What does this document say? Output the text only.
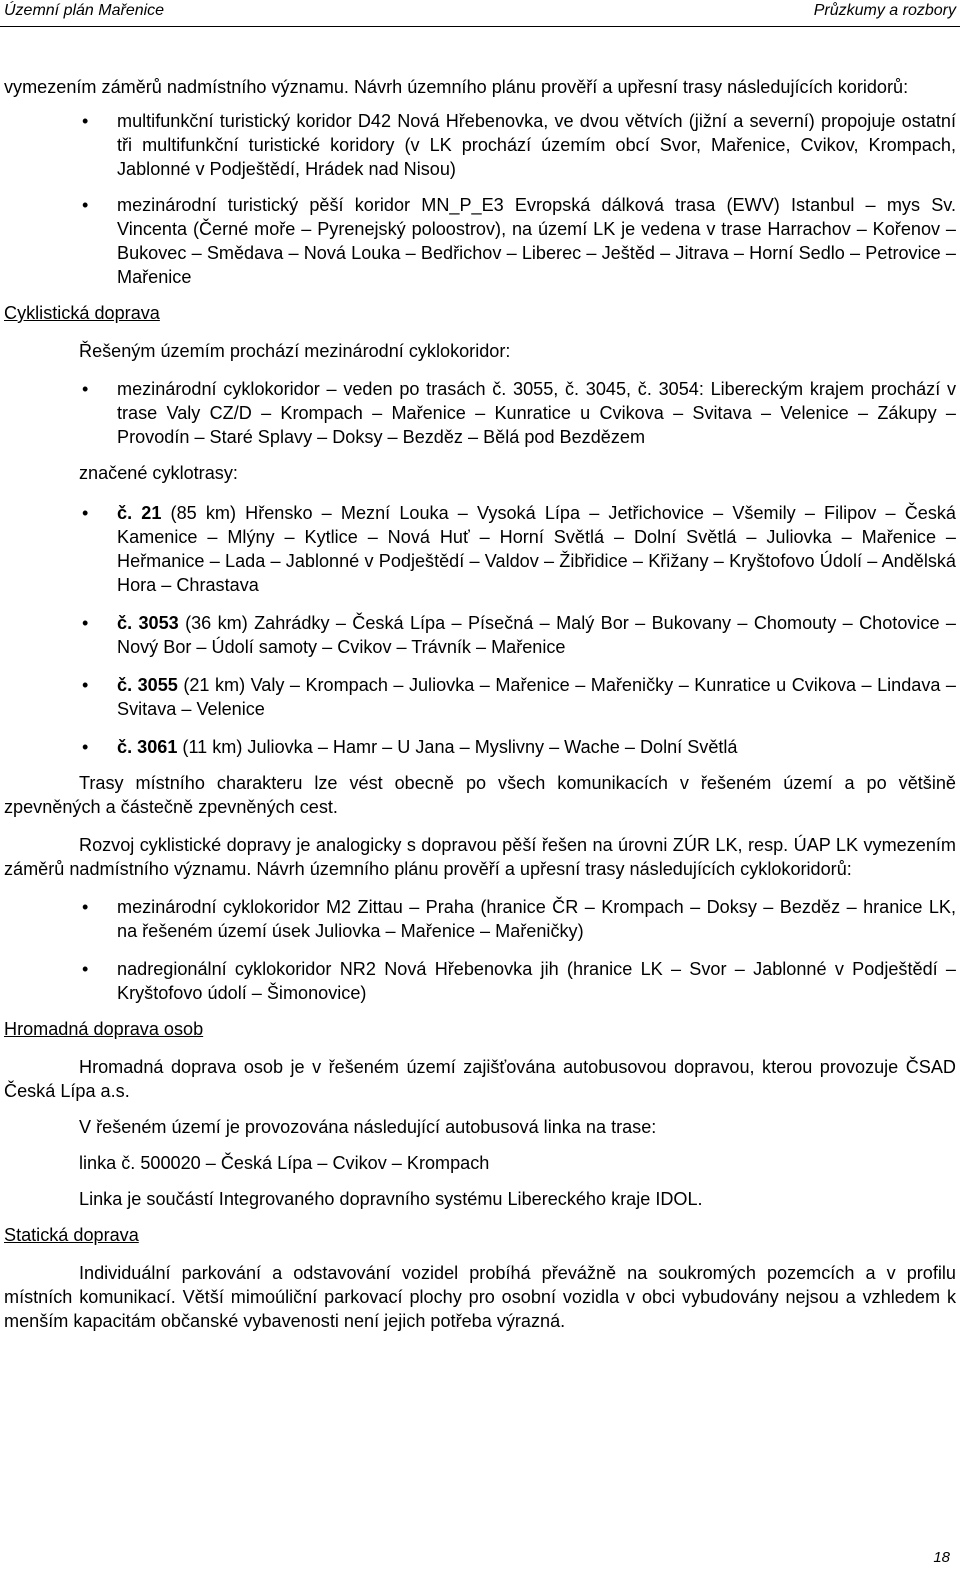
Územní plán Mařenice	Průzkumy a rozbory

vymezením záměrů nadmístního významu. Návrh územního plánu prověří a upřesní trasy následujících koridorů:

• multifunkční turistický koridor D42 Nová Hřebenovka, ve dvou větvích (jižní a severní) propojuje ostatní tři multifunkční turistické koridory (v LK prochází územím obcí Svor, Mařenice, Cvikov, Krompach, Jablonné v Podještědí, Hrádek nad Nisou)
• mezinárodní turistický pěší koridor MN_P_E3 Evropská dálková trasa (EWV) Istanbul – mys Sv. Vincenta (Černé moře – Pyrenejský poloostrov), na území LK je vedena v trase Harrachov – Kořenov – Bukovec – Smědava – Nová Louka – Bedřichov – Liberec – Ještěd – Jitrava – Horní Sedlo – Petrovice – Mařenice

Cyklistická doprava

Řešeným územím prochází mezinárodní cyklokoridor:

• mezinárodní cyklokoridor – veden po trasách č. 3055, č. 3045, č. 3054: Libereckým krajem prochází v trase Valy CZ/D – Krompach – Mařenice – Kunratice u Cvikova – Svitava – Velenice – Zákupy – Provodín – Staré Splavy – Doksy – Bezděz – Bělá pod Bezdězem

značené cyklotrasy:

• č. 21 (85 km) Hřensko – Mezní Louka – Vysoká Lípa – Jetřichovice – Všemily – Filipov – Česká Kamenice – Mlýny – Kytlice – Nová Huť – Horní Světlá – Dolní Světlá – Juliovka – Mařenice – Heřmanice – Lada – Jablonné v Podještědí – Valdov – Žibřidice – Křižany – Kryštofovo Údolí – Andělská Hora – Chrastava
• č. 3053 (36 km) Zahrádky – Česká Lípa – Písečná – Malý Bor – Bukovany – Chomouty – Chotovice – Nový Bor – Údolí samoty – Cvikov – Trávník – Mařenice
• č. 3055 (21 km) Valy – Krompach – Juliovka – Mařenice – Mařeničky – Kunratice u Cvikova – Lindava – Svitava – Velenice
• č. 3061 (11 km) Juliovka – Hamr – U Jana – Myslivny – Wache – Dolní Světlá

Trasy místního charakteru lze vést obecně po všech komunikacích v řešeném území a po většině zpevněných a částečně zpevněných cest.

Rozvoj cyklistické dopravy je analogicky s dopravou pěší řešen na úrovni ZÚR LK, resp. ÚAP LK vymezením záměrů nadmístního významu. Návrh územního plánu prověří a upřesní trasy následujících cyklokoridorů:

• mezinárodní cyklokoridor M2 Zittau – Praha (hranice ČR – Krompach – Doksy – Bezděz – hranice LK, na řešeném území úsek Juliovka – Mařenice – Mařeničky)
• nadregionální cyklokoridor NR2 Nová Hřebenovka jih (hranice LK – Svor – Jablonné v Podještědí – Kryštofovo údolí – Šimonovice)

Hromadná doprava osob

Hromadná doprava osob je v řešeném území zajišťována autobusovou dopravou, kterou provozuje ČSAD Česká Lípa a.s.

V řešeném území je provozována následující autobusová linka na trase:

linka č. 500020 – Česká Lípa – Cvikov – Krompach

Linka je součástí Integrovaného dopravního systému Libereckého kraje IDOL.

Statická doprava

Individuální parkování a odstavování vozidel probíhá převážně na soukromých pozemcích a v profilu místních komunikací. Větší mimoúliční parkovací plochy pro osobní vozidla v obci vybudovány nejsou a vzhledem k menším kapacitám občanské vybavenosti není jejich potřeba výrazná.

18
